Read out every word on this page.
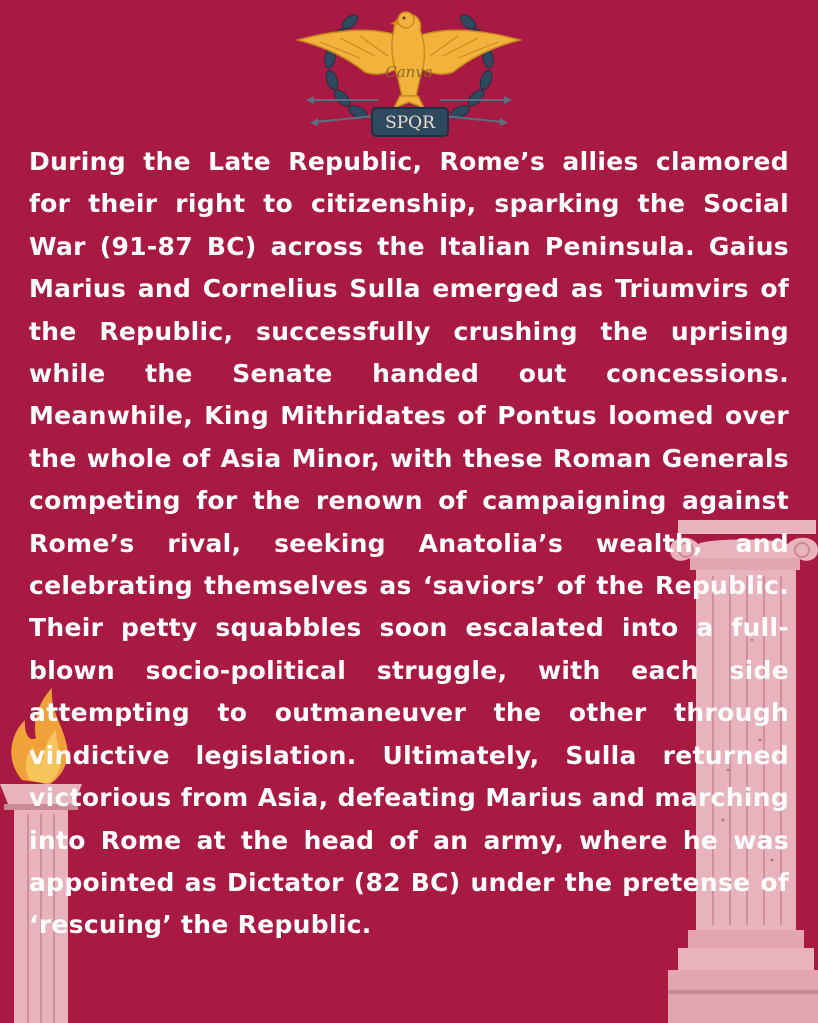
Canva
SPQR

During the Late Republic, Rome’s allies clamored for their right to citizenship, sparking the Social War (91-87 BC) across the Italian Peninsula. Gaius Marius and Cornelius Sulla emerged as Triumvirs of the Republic, successfully crushing the uprising while the Senate handed out concessions. Meanwhile, King Mithridates of Pontus loomed over the whole of Asia Minor, with these Roman Generals competing for the renown of campaigning against Rome’s rival, seeking Anatolia’s wealth, and celebrating themselves as ‘saviors’ of the Republic. Their petty squabbles soon escalated into a full-blown socio-political struggle, with each side attempting to outmaneuver the other through vindictive legislation. Ultimately, Sulla returned victorious from Asia, defeating Marius and marching into Rome at the head of an army, where he was appointed as Dictator (82 BC) under the pretense of ‘rescuing’ the Republic.
